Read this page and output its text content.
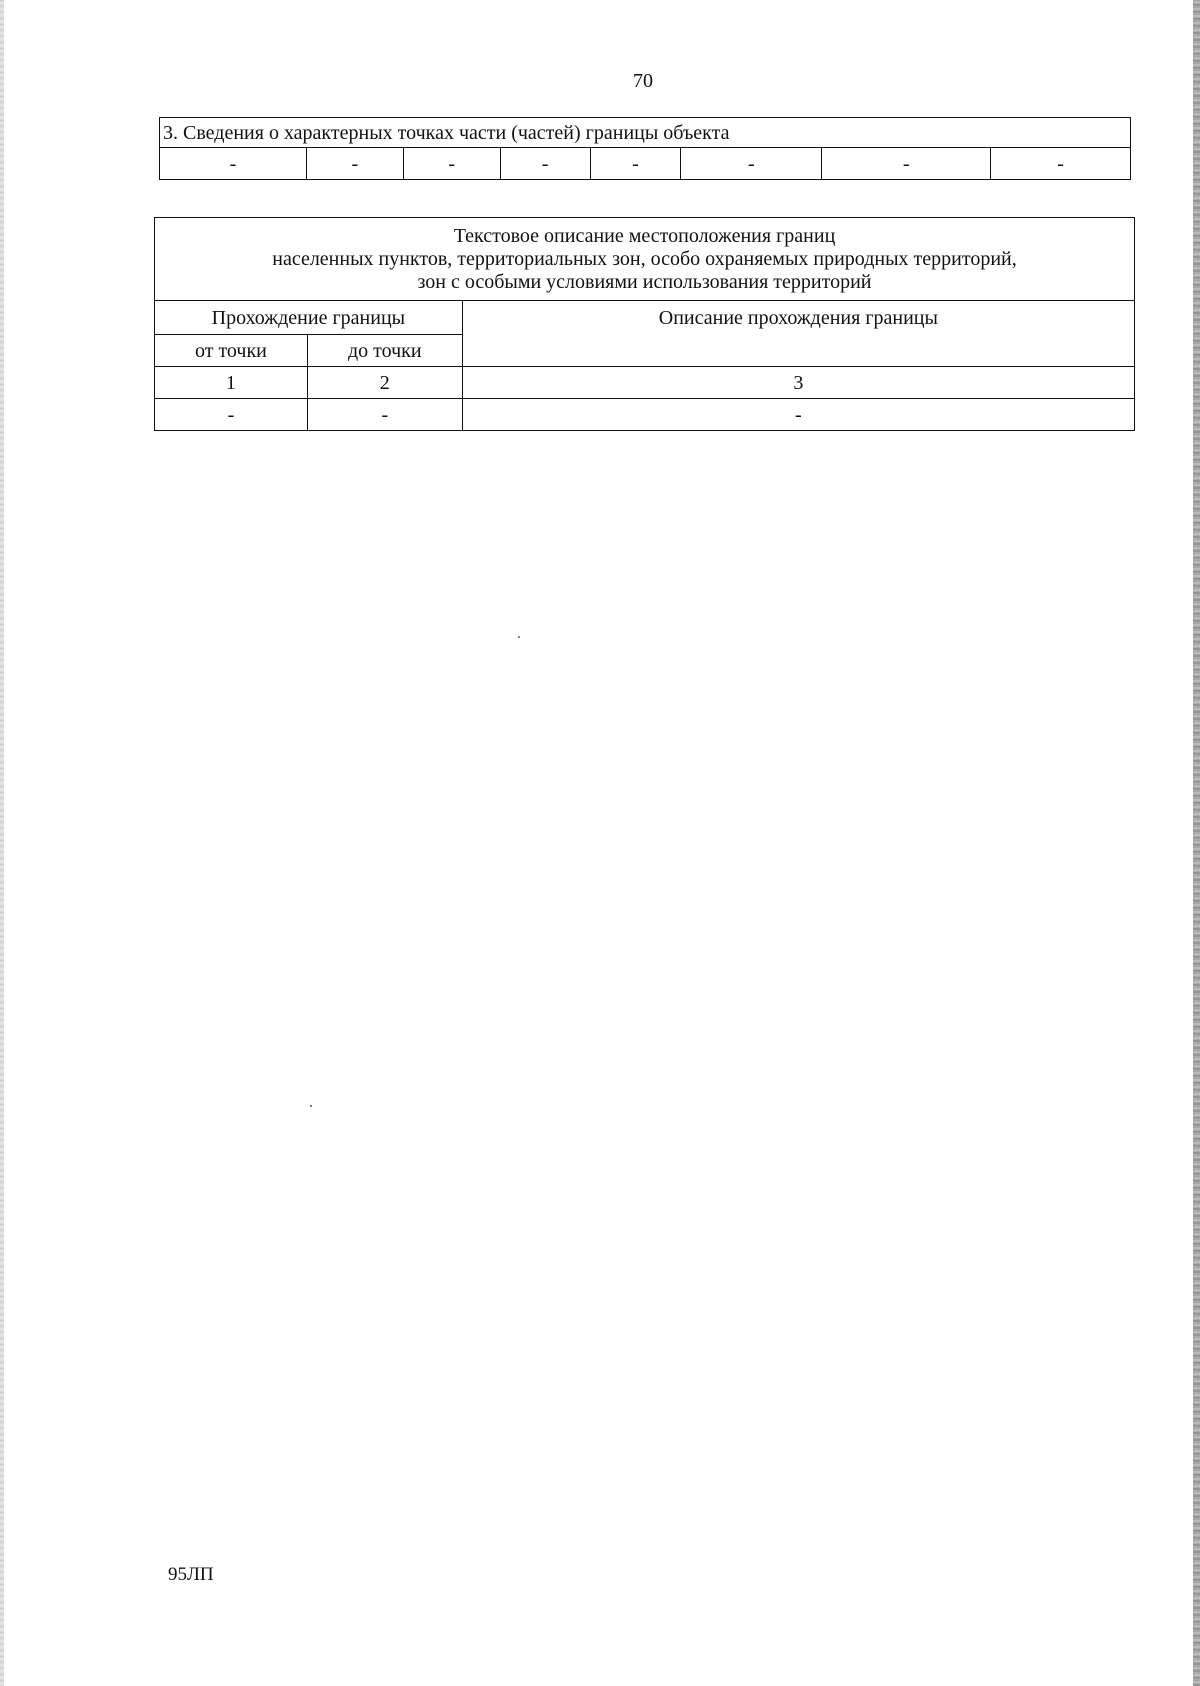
70
3. Сведения о характерных точках части (частей) границы объекта
-	-	-	-	-	-	-	-
Текстовое описание местоположения границ
населенных пунктов, территориальных зон, особо охраняемых природных территорий,
зон с особыми условиями использования территорий		

Прохождение границы		Описание прохождения границы
от точки	до точки	
1	2	3
-	-	-
95ЛП
